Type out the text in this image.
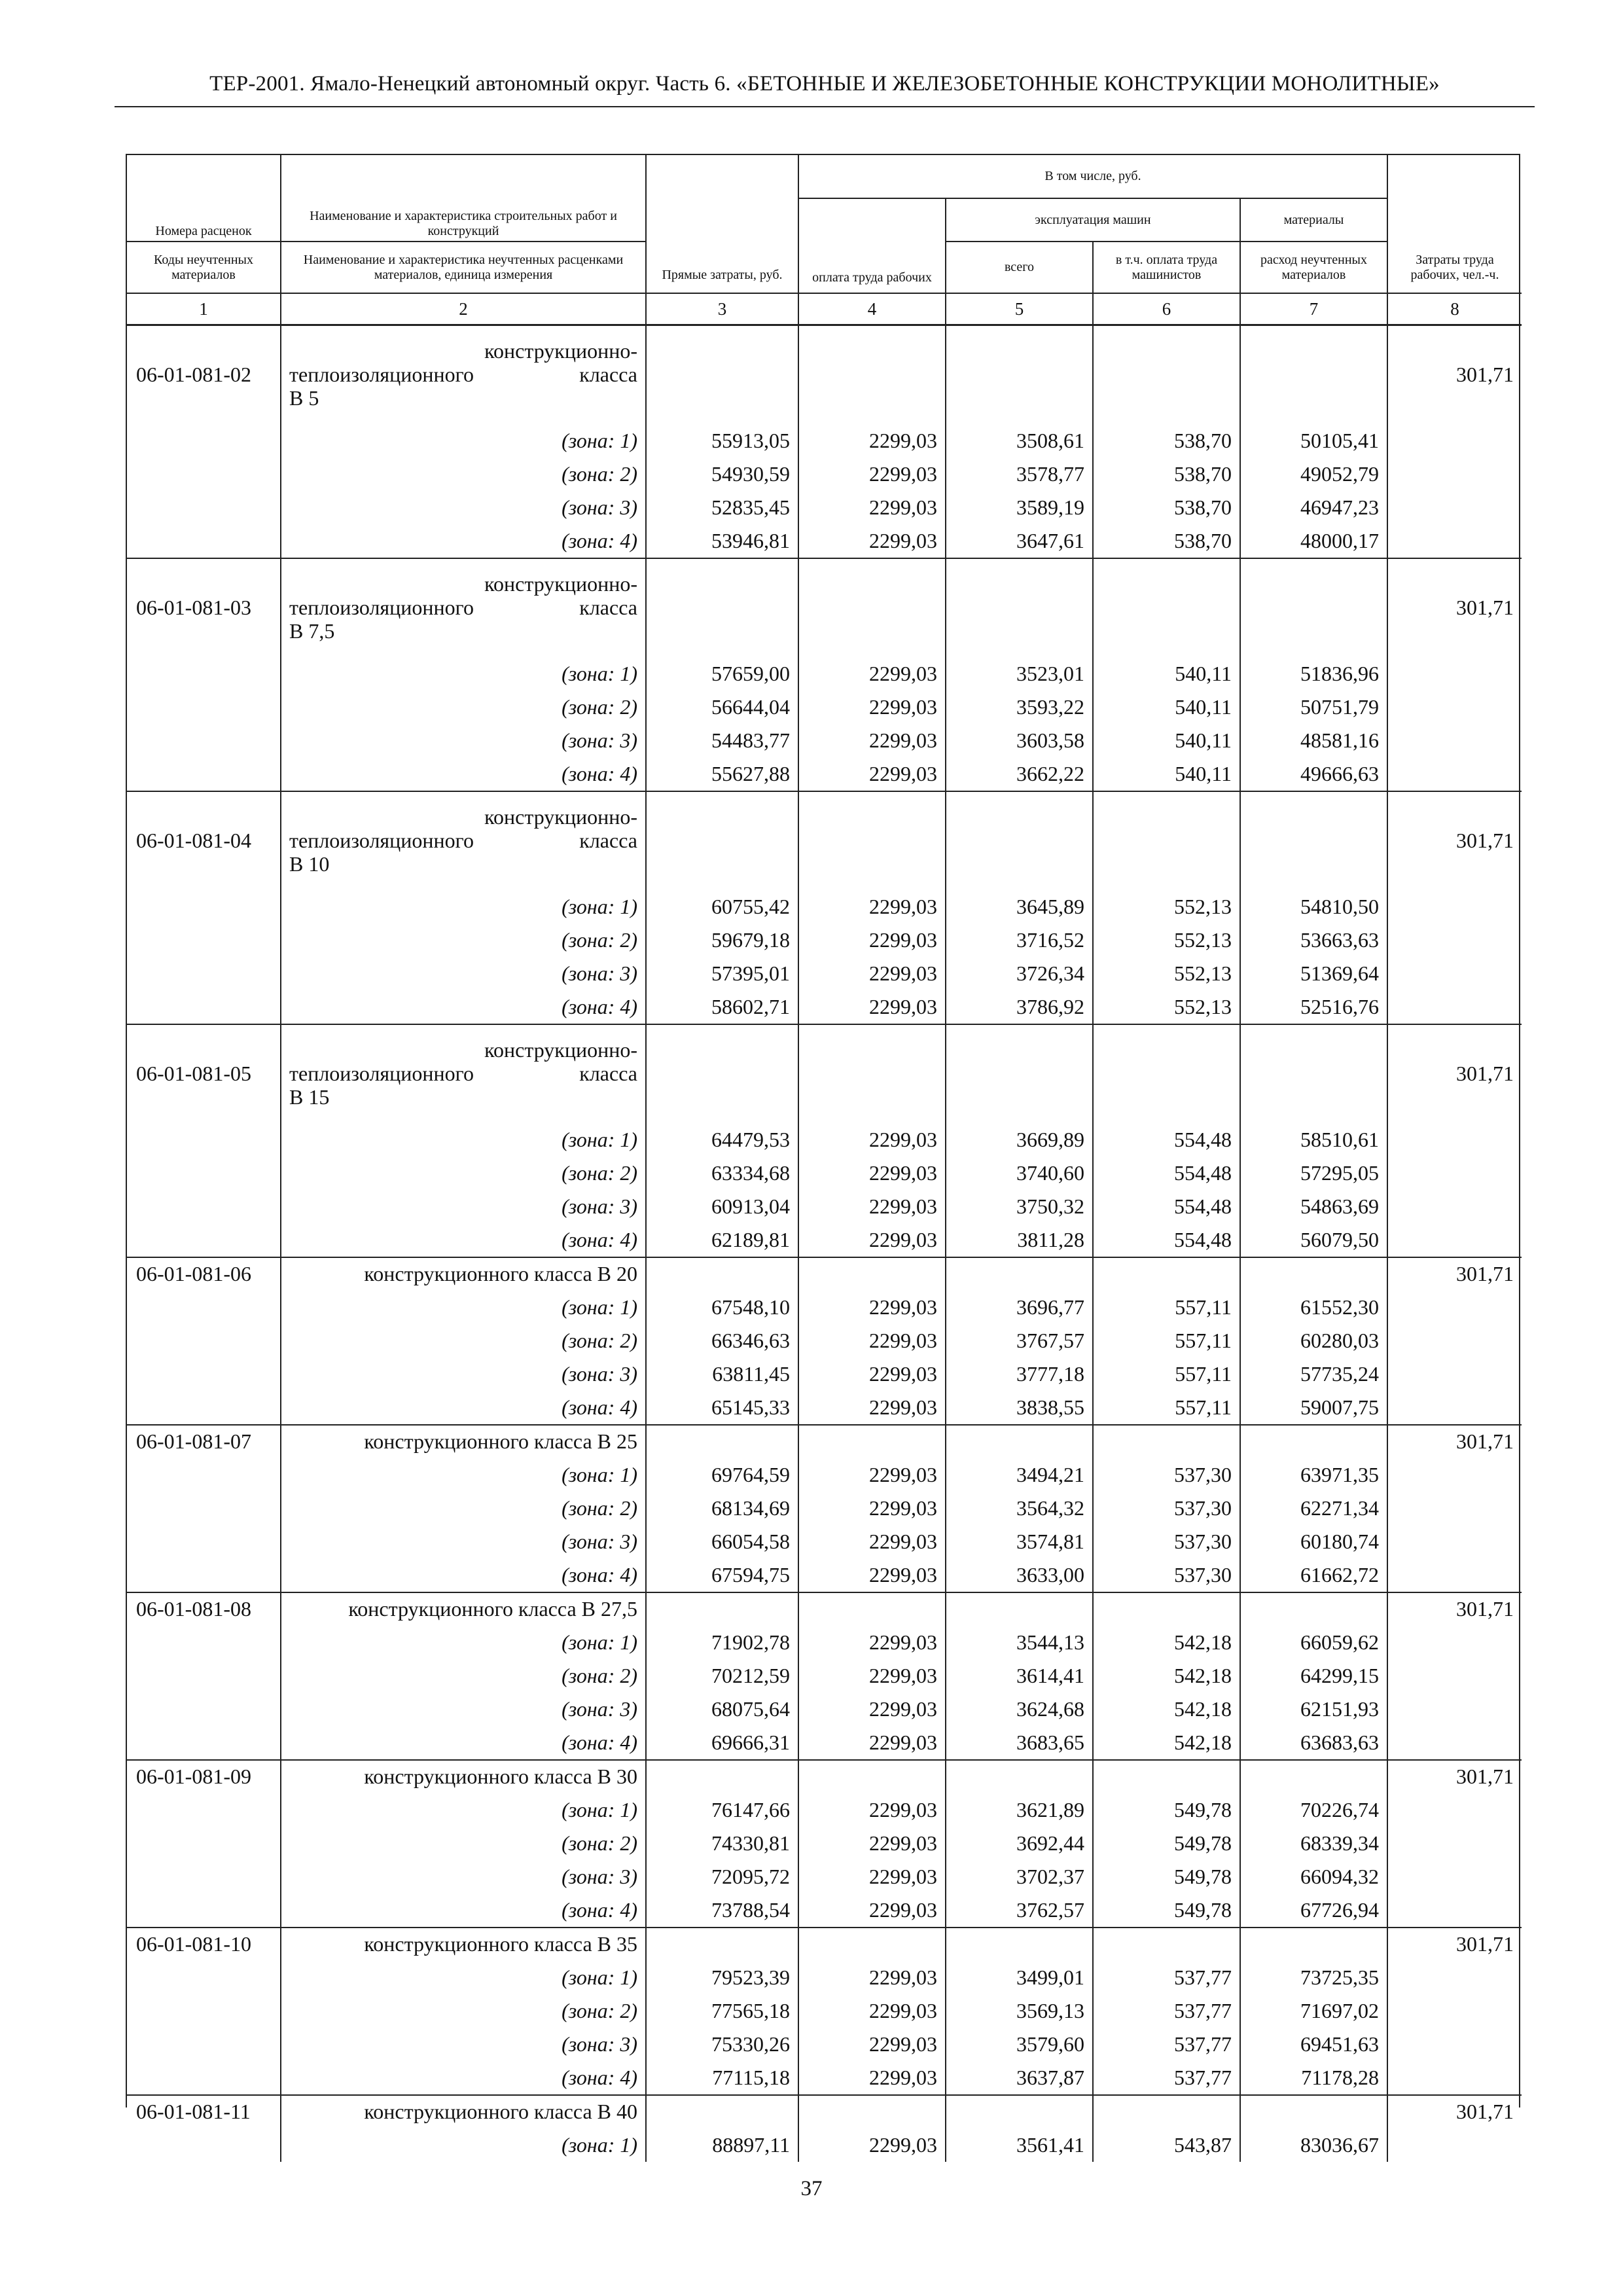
ТЕР-2001. Ямало-Ненецкий автономный округ. Часть 6. «БЕТОННЫЕ И ЖЕЛЕЗОБЕТОННЫЕ КОНСТРУКЦИИ МОНОЛИТНЫЕ»
Номера расценок	Наименование и характеристика строительных работ и конструкций	Прямые затраты, руб.	В том числе, руб.				Затраты труда рабочих, чел.-ч.
			оплата труда рабочих	эксплуатация машин		материалы	
Коды неучтенных материалов	Наименование и характеристика неучтенных расценками материалов, единица измерения			всего	в т.ч. оплата труда машинистов	расход неучтенных материалов	
1	2	3	4	5	6	7	8
06-01-081-02	конструкционно-
теплоизоляционного класса
В 5						301,71
	(зона: 1)	55913,05	2299,03	3508,61	538,70	50105,41	
	(зона: 2)	54930,59	2299,03	3578,77	538,70	49052,79	
	(зона: 3)	52835,45	2299,03	3589,19	538,70	46947,23	
	(зона: 4)	53946,81	2299,03	3647,61	538,70	48000,17	
06-01-081-03	конструкционно-
теплоизоляционного класса
В 7,5						301,71
	(зона: 1)	57659,00	2299,03	3523,01	540,11	51836,96	
	(зона: 2)	56644,04	2299,03	3593,22	540,11	50751,79	
	(зона: 3)	54483,77	2299,03	3603,58	540,11	48581,16	
	(зона: 4)	55627,88	2299,03	3662,22	540,11	49666,63	
06-01-081-04	конструкционно-
теплоизоляционного класса
В 10						301,71
	(зона: 1)	60755,42	2299,03	3645,89	552,13	54810,50	
	(зона: 2)	59679,18	2299,03	3716,52	552,13	53663,63	
	(зона: 3)	57395,01	2299,03	3726,34	552,13	51369,64	
	(зона: 4)	58602,71	2299,03	3786,92	552,13	52516,76	
06-01-081-05	конструкционно-
теплоизоляционного класса
В 15						301,71
	(зона: 1)	64479,53	2299,03	3669,89	554,48	58510,61	
	(зона: 2)	63334,68	2299,03	3740,60	554,48	57295,05	
	(зона: 3)	60913,04	2299,03	3750,32	554,48	54863,69	
	(зона: 4)	62189,81	2299,03	3811,28	554,48	56079,50	
06-01-081-06	конструкционного класса В 20						301,71
	(зона: 1)	67548,10	2299,03	3696,77	557,11	61552,30	
	(зона: 2)	66346,63	2299,03	3767,57	557,11	60280,03	
	(зона: 3)	63811,45	2299,03	3777,18	557,11	57735,24	
	(зона: 4)	65145,33	2299,03	3838,55	557,11	59007,75	
06-01-081-07	конструкционного класса В 25						301,71
	(зона: 1)	69764,59	2299,03	3494,21	537,30	63971,35	
	(зона: 2)	68134,69	2299,03	3564,32	537,30	62271,34	
	(зона: 3)	66054,58	2299,03	3574,81	537,30	60180,74	
	(зона: 4)	67594,75	2299,03	3633,00	537,30	61662,72	
06-01-081-08	конструкционного класса В 27,5						301,71
	(зона: 1)	71902,78	2299,03	3544,13	542,18	66059,62	
	(зона: 2)	70212,59	2299,03	3614,41	542,18	64299,15	
	(зона: 3)	68075,64	2299,03	3624,68	542,18	62151,93	
	(зона: 4)	69666,31	2299,03	3683,65	542,18	63683,63	
06-01-081-09	конструкционного класса В 30						301,71
	(зона: 1)	76147,66	2299,03	3621,89	549,78	70226,74	
	(зона: 2)	74330,81	2299,03	3692,44	549,78	68339,34	
	(зона: 3)	72095,72	2299,03	3702,37	549,78	66094,32	
	(зона: 4)	73788,54	2299,03	3762,57	549,78	67726,94	
06-01-081-10	конструкционного класса В 35						301,71
	(зона: 1)	79523,39	2299,03	3499,01	537,77	73725,35	
	(зона: 2)	77565,18	2299,03	3569,13	537,77	71697,02	
	(зона: 3)	75330,26	2299,03	3579,60	537,77	69451,63	
	(зона: 4)	77115,18	2299,03	3637,87	537,77	71178,28	
06-01-081-11	конструкционного класса В 40						301,71
	(зона: 1)	88897,11	2299,03	3561,41	543,87	83036,67	
37
